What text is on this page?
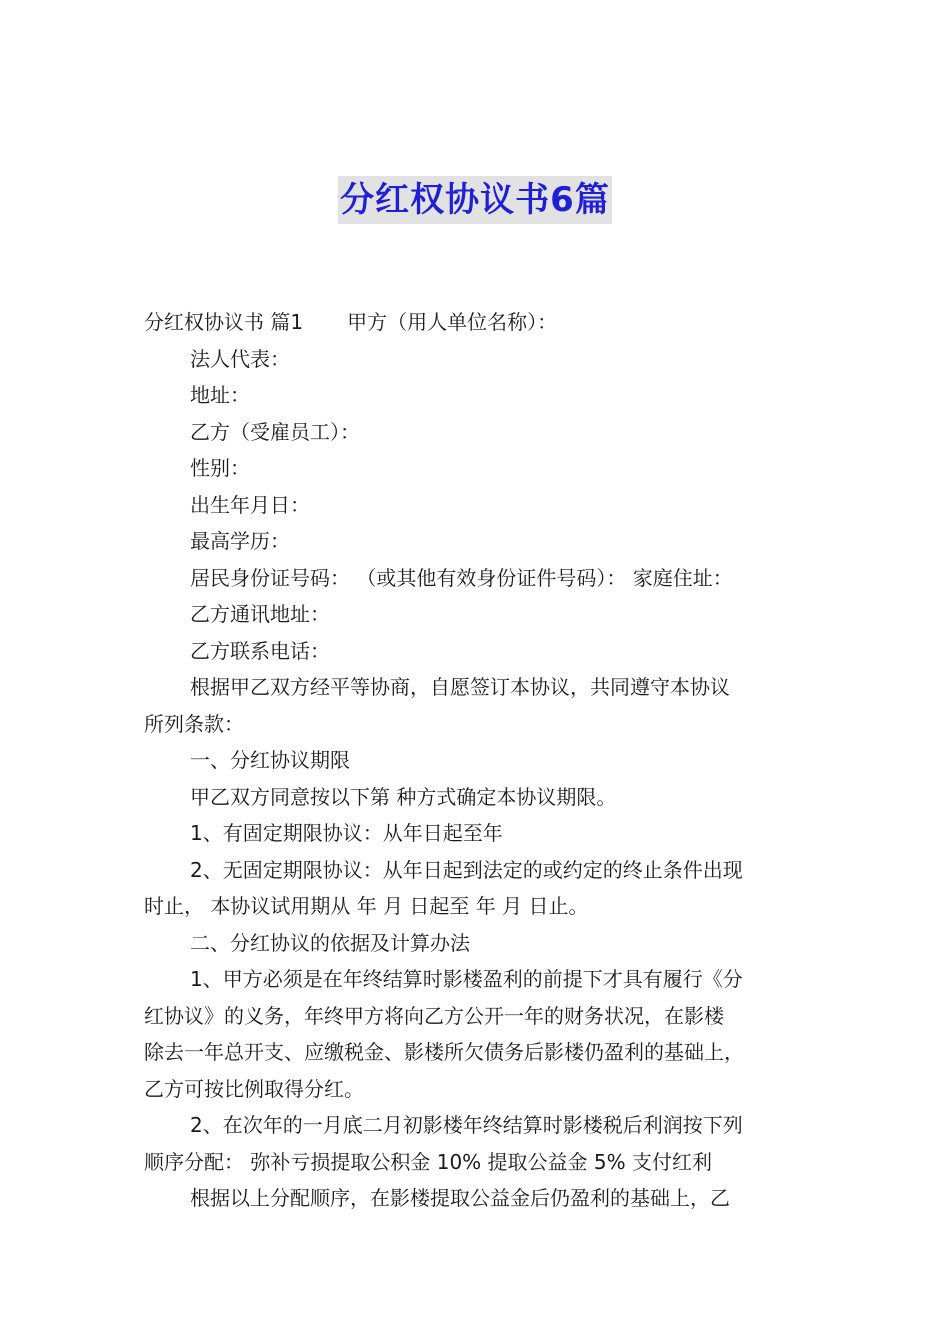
分红权协议书6篇
分红权协议书 篇1 甲方（用人单位名称）：
法人代表：
地址：
乙方（受雇员工）：
性别：
出生年月日：
最高学历：
居民身份证号码： （或其他有效身份证件号码）： 家庭住址：
乙方通讯地址：
乙方联系电话：
根据甲乙双方经平等协商，自愿签订本协议，共同遵守本协议
所列条款：
一、分红协议期限
甲乙双方同意按以下第 种方式确定本协议期限。
1、有固定期限协议：从年日起至年
2、无固定期限协议：从年日起到法定的或约定的终止条件出现
时止， 本协议试用期从 年 月 日起至 年 月 日止。
二、分红协议的依据及计算办法
1、甲方必须是在年终结算时影楼盈利的前提下才具有履行《分
红协议》的义务，年终甲方将向乙方公开一年的财务状况，在影楼
除去一年总开支、应缴税金、影楼所欠债务后影楼仍盈利的基础上，
乙方可按比例取得分红。
2、在次年的一月底二月初影楼年终结算时影楼税后利润按下列
顺序分配： 弥补亏损提取公积金 10% 提取公益金 5% 支付红利
根据以上分配顺序，在影楼提取公益金后仍盈利的基础上，乙
